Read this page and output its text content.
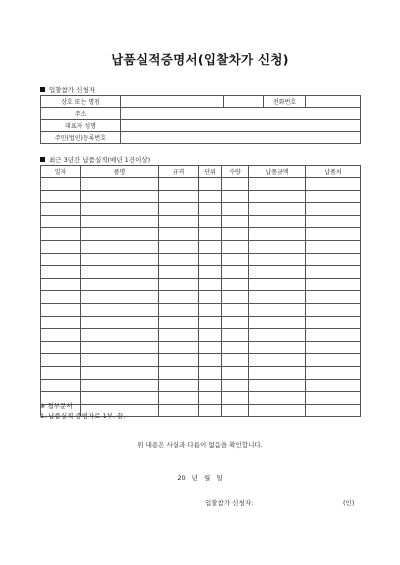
납품실적증명서(입찰차가 신청)
입찰참가 신청자
상호 또는 명칭			전화번호	
주소				
대표자 성명				
주민(법인)등록번호				
최근 3년간 납품실적(매년 1건이상)
일자	품명	규격	단위	수량	납품금액	납품처

※ 첨부문서
1. 납품실적 증빙자료 1부. 끝.
위 내용은 사실과 다름이 없음을 확인합니다.
20 년 월 일
입찰참가 신청자:	(인)
